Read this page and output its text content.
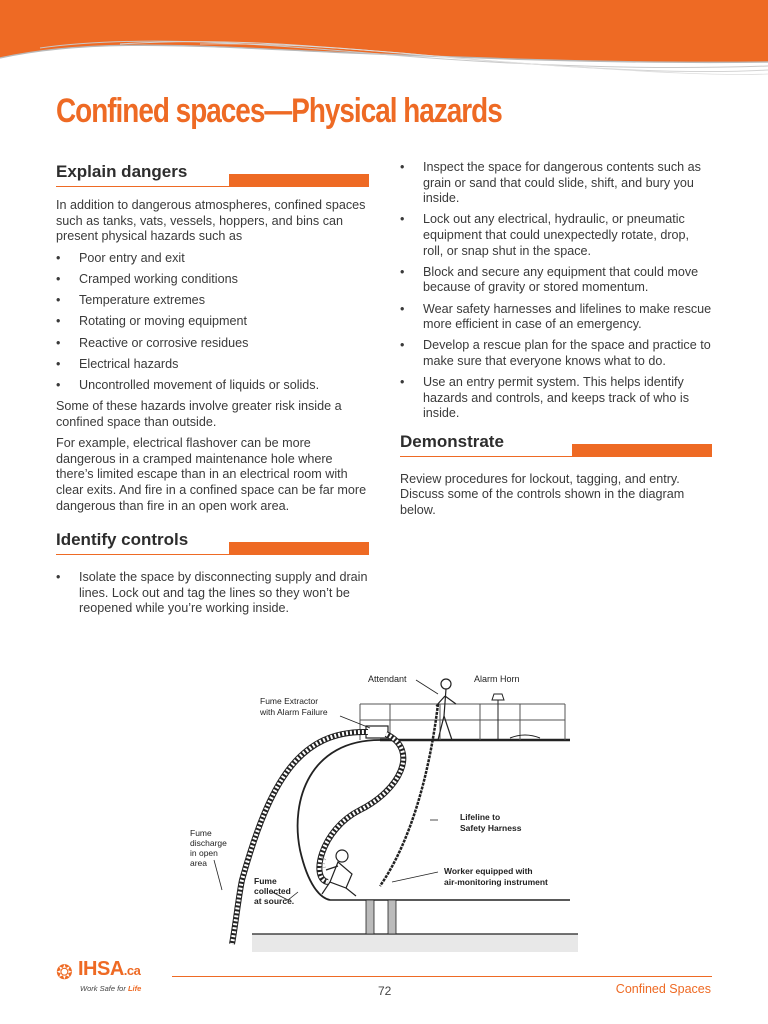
Confined spaces—Physical hazards
Explain dangers

In addition to dangerous atmospheres, confined spaces such as tanks, vats, vessels, hoppers, and bins can present physical hazards such as

• Poor entry and exit
• Cramped working conditions
• Temperature extremes
• Rotating or moving equipment
• Reactive or corrosive residues
• Electrical hazards
• Uncontrolled movement of liquids or solids.

Some of these hazards involve greater risk inside a confined space than outside.

For example, electrical flashover can be more dangerous in a cramped maintenance hole where there’s limited escape than in an electrical room with clear exits. And fire in a confined space can be far more dangerous than fire in an open work area.

Identify controls
• Isolate the space by disconnecting supply and drain lines. Lock out and tag the lines so they won’t be reopened while you’re working inside.
• Inspect the space for dangerous contents such as grain or sand that could slide, shift, and bury you inside.
• Lock out any electrical, hydraulic, or pneumatic equipment that could unexpectedly rotate, drop, roll, or snap shut in the space.
• Block and secure any equipment that could move because of gravity or stored momentum.
• Wear safety harnesses and lifelines to make rescue more efficient in case of an emergency.
• Develop a rescue plan for the space and practice to make sure that everyone knows what to do.
• Use an entry permit system. This helps identify hazards and controls, and keeps track of who is inside.
Demonstrate

Review procedures for lockout, tagging, and entry. Discuss some of the controls shown in the diagram below.

Attendant	Alarm Horn
Fume Extractor
with Alarm Failure
Lifeline to
Safety Harness
Fume
discharge
in open
area
Worker equipped with
air-monitoring instrument
Fume
collected
at source.
❂ IHSA.ca
Work Safe for Life	72	Confined Spaces
